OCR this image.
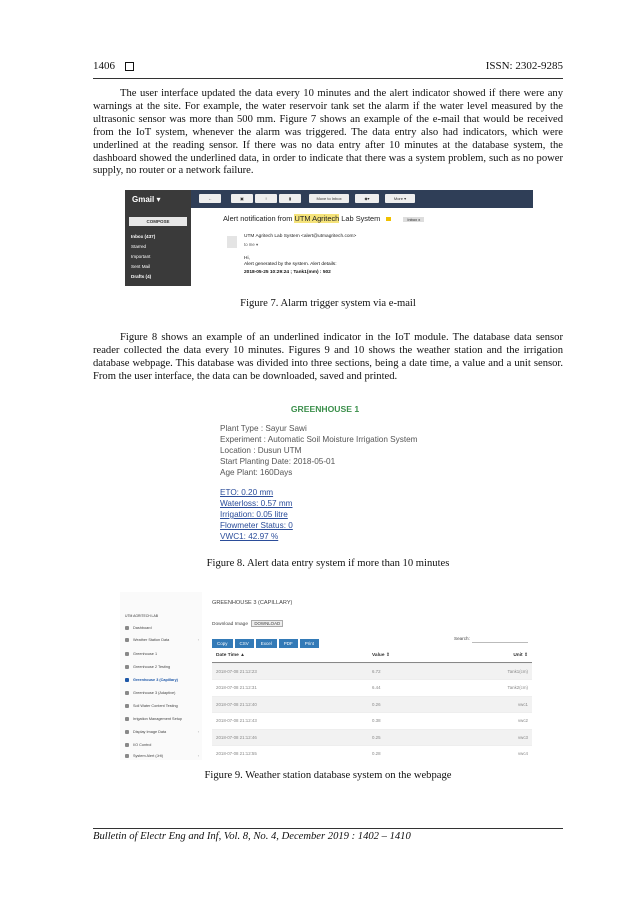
1406	ISSN: 2302-9285

The user interface updated the data every 10 minutes and the alert indicator showed if there were any warnings at the site. For example, the water reservoir tank set the alarm if the water level measured by the ultrasonic sensor was more than 500 mm. Figure 7 shows an example of the e-mail that would be received from the IoT system, whenever the alarm was triggered. The data entry also had indicators, which were underlined at the reading sensor. If there was no data entry after 10 minutes at the database system, the dashboard showed the underlined data, in order to indicate that there was a system problem, such as no power supply, no router or a network failure.

Gmail ▾
COMPOSE
Inbox (437)
Starred
Important
Sent Mail
Drafts (4)
←	▣	!	▮	Move to Inbox	◆▾	More ▾
Alert notification from UTM Agritech Lab System	Inbox x
UTM Agritech Lab System <alert@utmagritech.com>
to me ▾
Hi,
Alert generated by the system. Alert details:
2018-05-25 10:29:24 ; Tank1(mm) : 502
Figure 7. Alarm trigger system via e-mail

Figure 8 shows an example of an underlined indicator in the IoT module. The database data sensor reader collected the data every 10 minutes. Figures 9 and 10 shows the weather station and the irrigation database webpage. This database was divided into three sections, being a date time, a value and a unit sensor. From the user interface, the data can be downloaded, saved and printed.

GREENHOUSE 1
Plant Type : Sayur Sawi
Experiment : Automatic Soil Moisture Irrigation System
Location : Dusun UTM
Start Planting Date: 2018-05-01
Age Plant: 160Days
ETO: 0.20 mm
Waterloss: 0.57 mm
Irrigation: 0.05 litre
Flowmeter Status: 0
VWC1: 42.97 %
Figure 8. Alert data entry system if more than 10 minutes
UTM AGRITECH LAB
Dashboard
Weather Station Data	›
Greenhouse 1
Greenhouse 2 Testing
Greenhouse 3 (Capillary)
Greenhouse 3 (Adaptive)
Soil Water Content Testing
Irrigation Management Setup
Display Image Data	›
I/O Control
System Alert (Jrlt)	›
GREENHOUSE 3 (CAPILLARY)
Download Image DOWNLOAD
Copy	CSV	Excel	PDF	Print
Search:
Date Time ▲	Value ⇕	Unit ⇕
2018-07-08 21:12:23	6.72	Tank1(cm)
2018-07-08 21:12:31	6.44	Tank2(cm)
2018-07-08 21:12:40	0.26	vwc1
2018-07-08 21:12:43	0.38	vwc2
2018-07-08 21:12:46	0.25	vwc3
2018-07-08 21:12:55	0.28	vwc4
Figure 9. Weather station database system on the webpage
Bulletin of Electr Eng and Inf, Vol. 8, No. 4, December 2019 : 1402 – 1410
